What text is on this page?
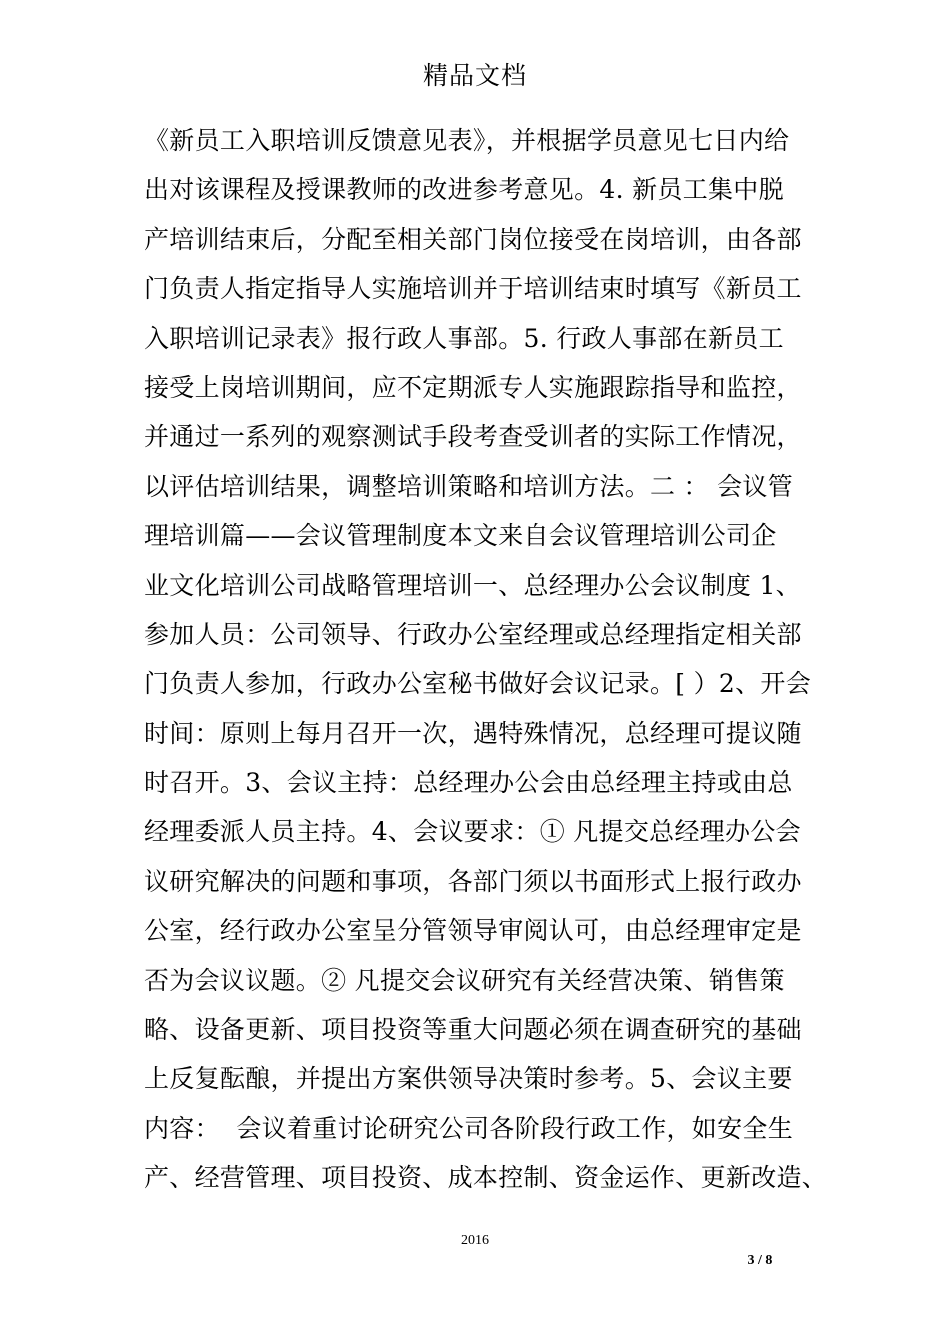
精品文档
《新员工入职培训反馈意见表》，并根据学员意见七日内给
出对该课程及授课教师的改进参考意见。4. 新员工集中脱
产培训结束后，分配至相关部门岗位接受在岗培训，由各部
门负责人指定指导人实施培训并于培训结束时填写《新员工
入职培训记录表》报行政人事部。5. 行政人事部在新员工
接受上岗培训期间，应不定期派专人实施跟踪指导和监控，
并通过一系列的观察测试手段考查受训者的实际工作情况，
以评估培训结果，调整培训策略和培训方法。二 ： 会议管
理培训篇——会议管理制度本文来自会议管理培训公司企
业文化培训公司战略管理培训一、总经理办公会议制度 1、
参加人员：公司领导、行政办公室经理或总经理指定相关部
门负责人参加，行政办公室秘书做好会议记录。[ ）2、开会
时间：原则上每月召开一次，遇特殊情况，总经理可提议随
时召开。3、会议主持：总经理办公会由总经理主持或由总
经理委派人员主持。4、会议要求：① 凡提交总经理办公会
议研究解决的问题和事项，各部门须以书面形式上报行政办
公室，经行政办公室呈分管领导审阅认可，由总经理审定是
否为会议议题。② 凡提交会议研究有关经营决策、销售策
略、设备更新、项目投资等重大问题必须在调查研究的基础
上反复酝酿，并提出方案供领导决策时参考。5、会议主要
内容：  会议着重讨论研究公司各阶段行政工作，如安全生
产、经营管理、项目投资、成本控制、资金运作、更新改造、
2016
3 / 8
